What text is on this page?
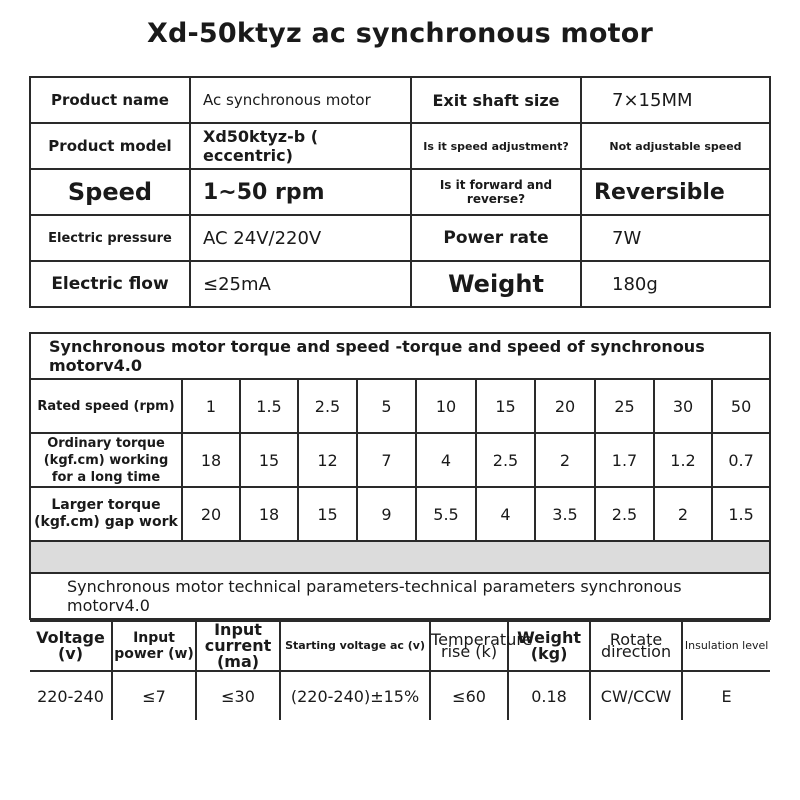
Xd-50ktyz ac synchronous motor
Product name	Ac synchronous motor	Exit shaft size	7×15MM
Product model	Xd50ktyz-b ( eccentric)	Is it speed adjustment?	Not adjustable speed
Speed	1~50 rpm	Is it forward and reverse?	Reversible
Electric pressure	AC 24V/220V	Power rate	7W
Electric flow	≤25mA	Weight	180g
Synchronous motor torque and speed -torque and speed of synchronous motorv4.0
Rated speed (rpm)	1	1.5	2.5	5	10	15	20	25	30	50
Ordinary torque (kgf.cm) working for a long time	18	15	12	7	4	2.5	2	1.7	1.2	0.7
Larger torque (kgf.cm) gap work	20	18	15	9	5.5	4	3.5	2.5	2	1.5

Synchronous motor technical parameters-technical parameters synchronous motorv4.0

Voltage (v)	Input power (w)	Input current (ma)	Starting voltage ac (v)	Temperature rise (k)	Weight (kg)	Rotate direction	Insulation level
220-240	≤7	≤30	(220-240)±15%	≤60	0.18	CW/CCW	E
